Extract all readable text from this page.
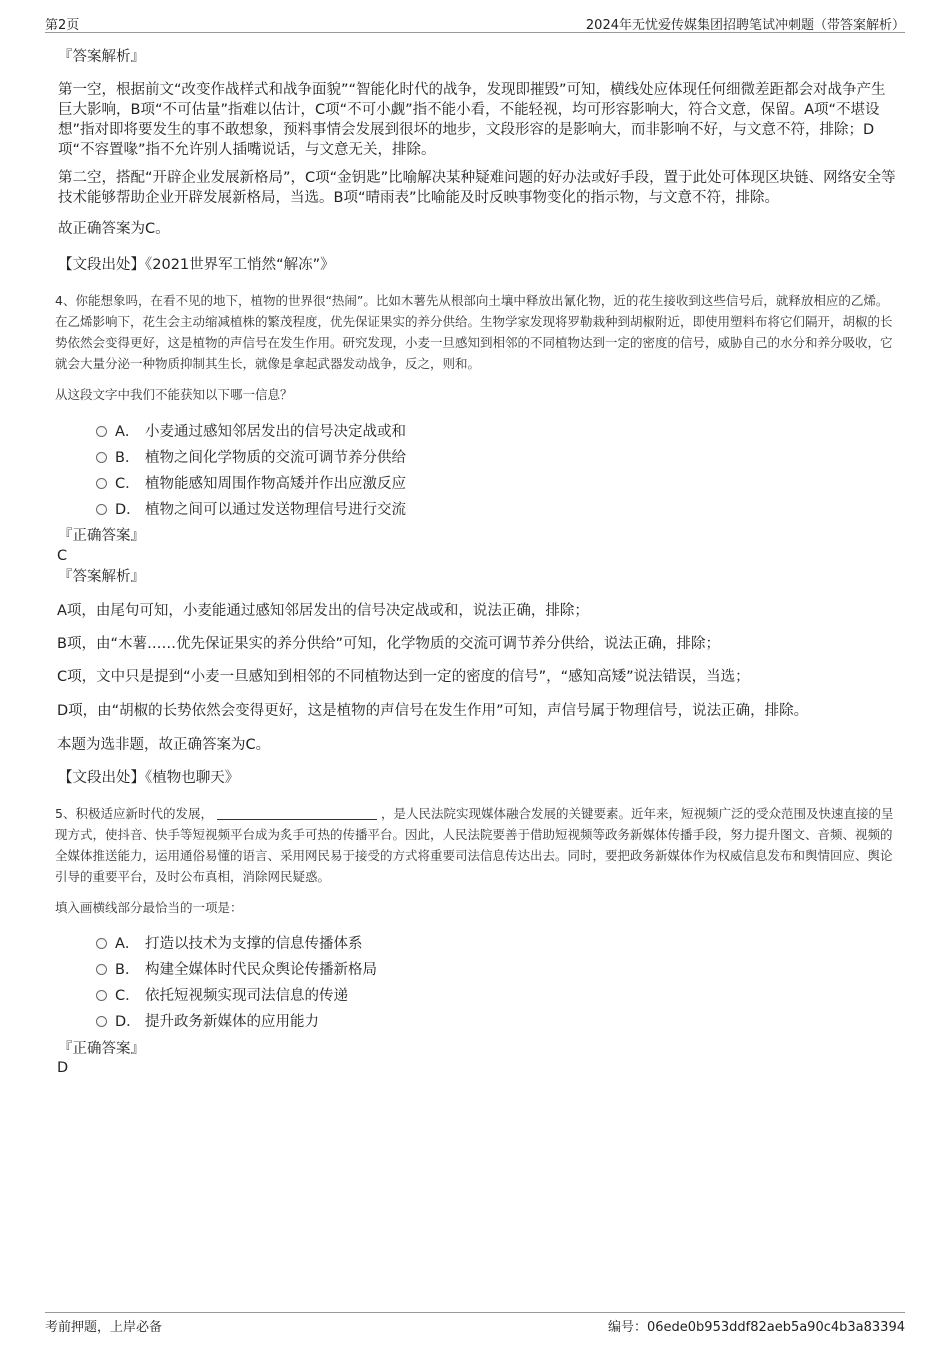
第2页	2024年无忧爱传媒集团招聘笔试冲刺题（带答案解析）
『答案解析』
第一空，根据前文“改变作战样式和战争面貌”“智能化时代的战争，发现即摧毁”可知，横线处应体现任何细微差距都会对战争产生巨大影响，B项“不可估量”指难以估计，C项“不可小觑”指不能小看，不能轻视，均可形容影响大，符合文意，保留。A项“不堪设想”指对即将要发生的事不敢想象，预料事情会发展到很坏的地步，文段形容的是影响大，而非影响不好，与文意不符，排除；D项“不容置喙”指不允许别人插嘴说话，与文意无关，排除。
第二空，搭配“开辟企业发展新格局”，C项“金钥匙”比喻解决某种疑难问题的好办法或好手段，置于此处可体现区块链、网络安全等技术能够帮助企业开辟发展新格局，当选。B项“晴雨表”比喻能及时反映事物变化的指示物，与文意不符，排除。
故正确答案为C。
【文段出处】《2021世界军工悄然“解冻”》
4、你能想象吗，在看不见的地下，植物的世界很“热闹”。比如木薯先从根部向土壤中释放出氰化物，近的花生接收到这些信号后，就释放相应的乙烯。在乙烯影响下，花生会主动缩减植株的繁茂程度，优先保证果实的养分供给。生物学家发现将罗勒栽种到胡椒附近，即使用塑料布将它们隔开，胡椒的长势依然会变得更好，这是植物的声信号在发生作用。研究发现，小麦一旦感知到相邻的不同植物达到一定的密度的信号，威胁自己的水分和养分吸收，它就会大量分泌一种物质抑制其生长，就像是拿起武器发动战争，反之，则和。
从这段文字中我们不能获知以下哪一信息？
A． 小麦通过感知邻居发出的信号决定战或和
B． 植物之间化学物质的交流可调节养分供给
C． 植物能感知周围作物高矮并作出应激反应
D． 植物之间可以通过发送物理信号进行交流
『正确答案』
C
『答案解析』
A项，由尾句可知，小麦能通过感知邻居发出的信号决定战或和，说法正确，排除；
B项，由“木薯……优先保证果实的养分供给”可知，化学物质的交流可调节养分供给，说法正确，排除；
C项，文中只是提到“小麦一旦感知到相邻的不同植物达到一定的密度的信号”，“感知高矮”说法错误，当选；
D项，由“胡椒的长势依然会变得更好，这是植物的声信号在发生作用”可知，声信号属于物理信号，说法正确，排除。
本题为选非题，故正确答案为C。
【文段出处】《植物也聊天》
5、积极适应新时代的发展，	，是人民法院实现媒体融合发展的关键要素。近年来，短视频广泛的受众范围及快速直接的呈现方式，使抖音、快手等短视频平台成为炙手可热的传播平台。因此，人民法院要善于借助短视频等政务新媒体传播手段，努力提升图文、音频、视频的全媒体推送能力，运用通俗易懂的语言、采用网民易于接受的方式将重要司法信息传达出去。同时，要把政务新媒体作为权威信息发布和舆情回应、舆论引导的重要平台，及时公布真相，消除网民疑惑。
填入画横线部分最恰当的一项是：
A． 打造以技术为支撑的信息传播体系
B． 构建全媒体时代民众舆论传播新格局
C． 依托短视频实现司法信息的传递
D． 提升政务新媒体的应用能力
『正确答案』
D
考前押题，上岸必备	编号：06ede0b953ddf82aeb5a90c4b3a83394
